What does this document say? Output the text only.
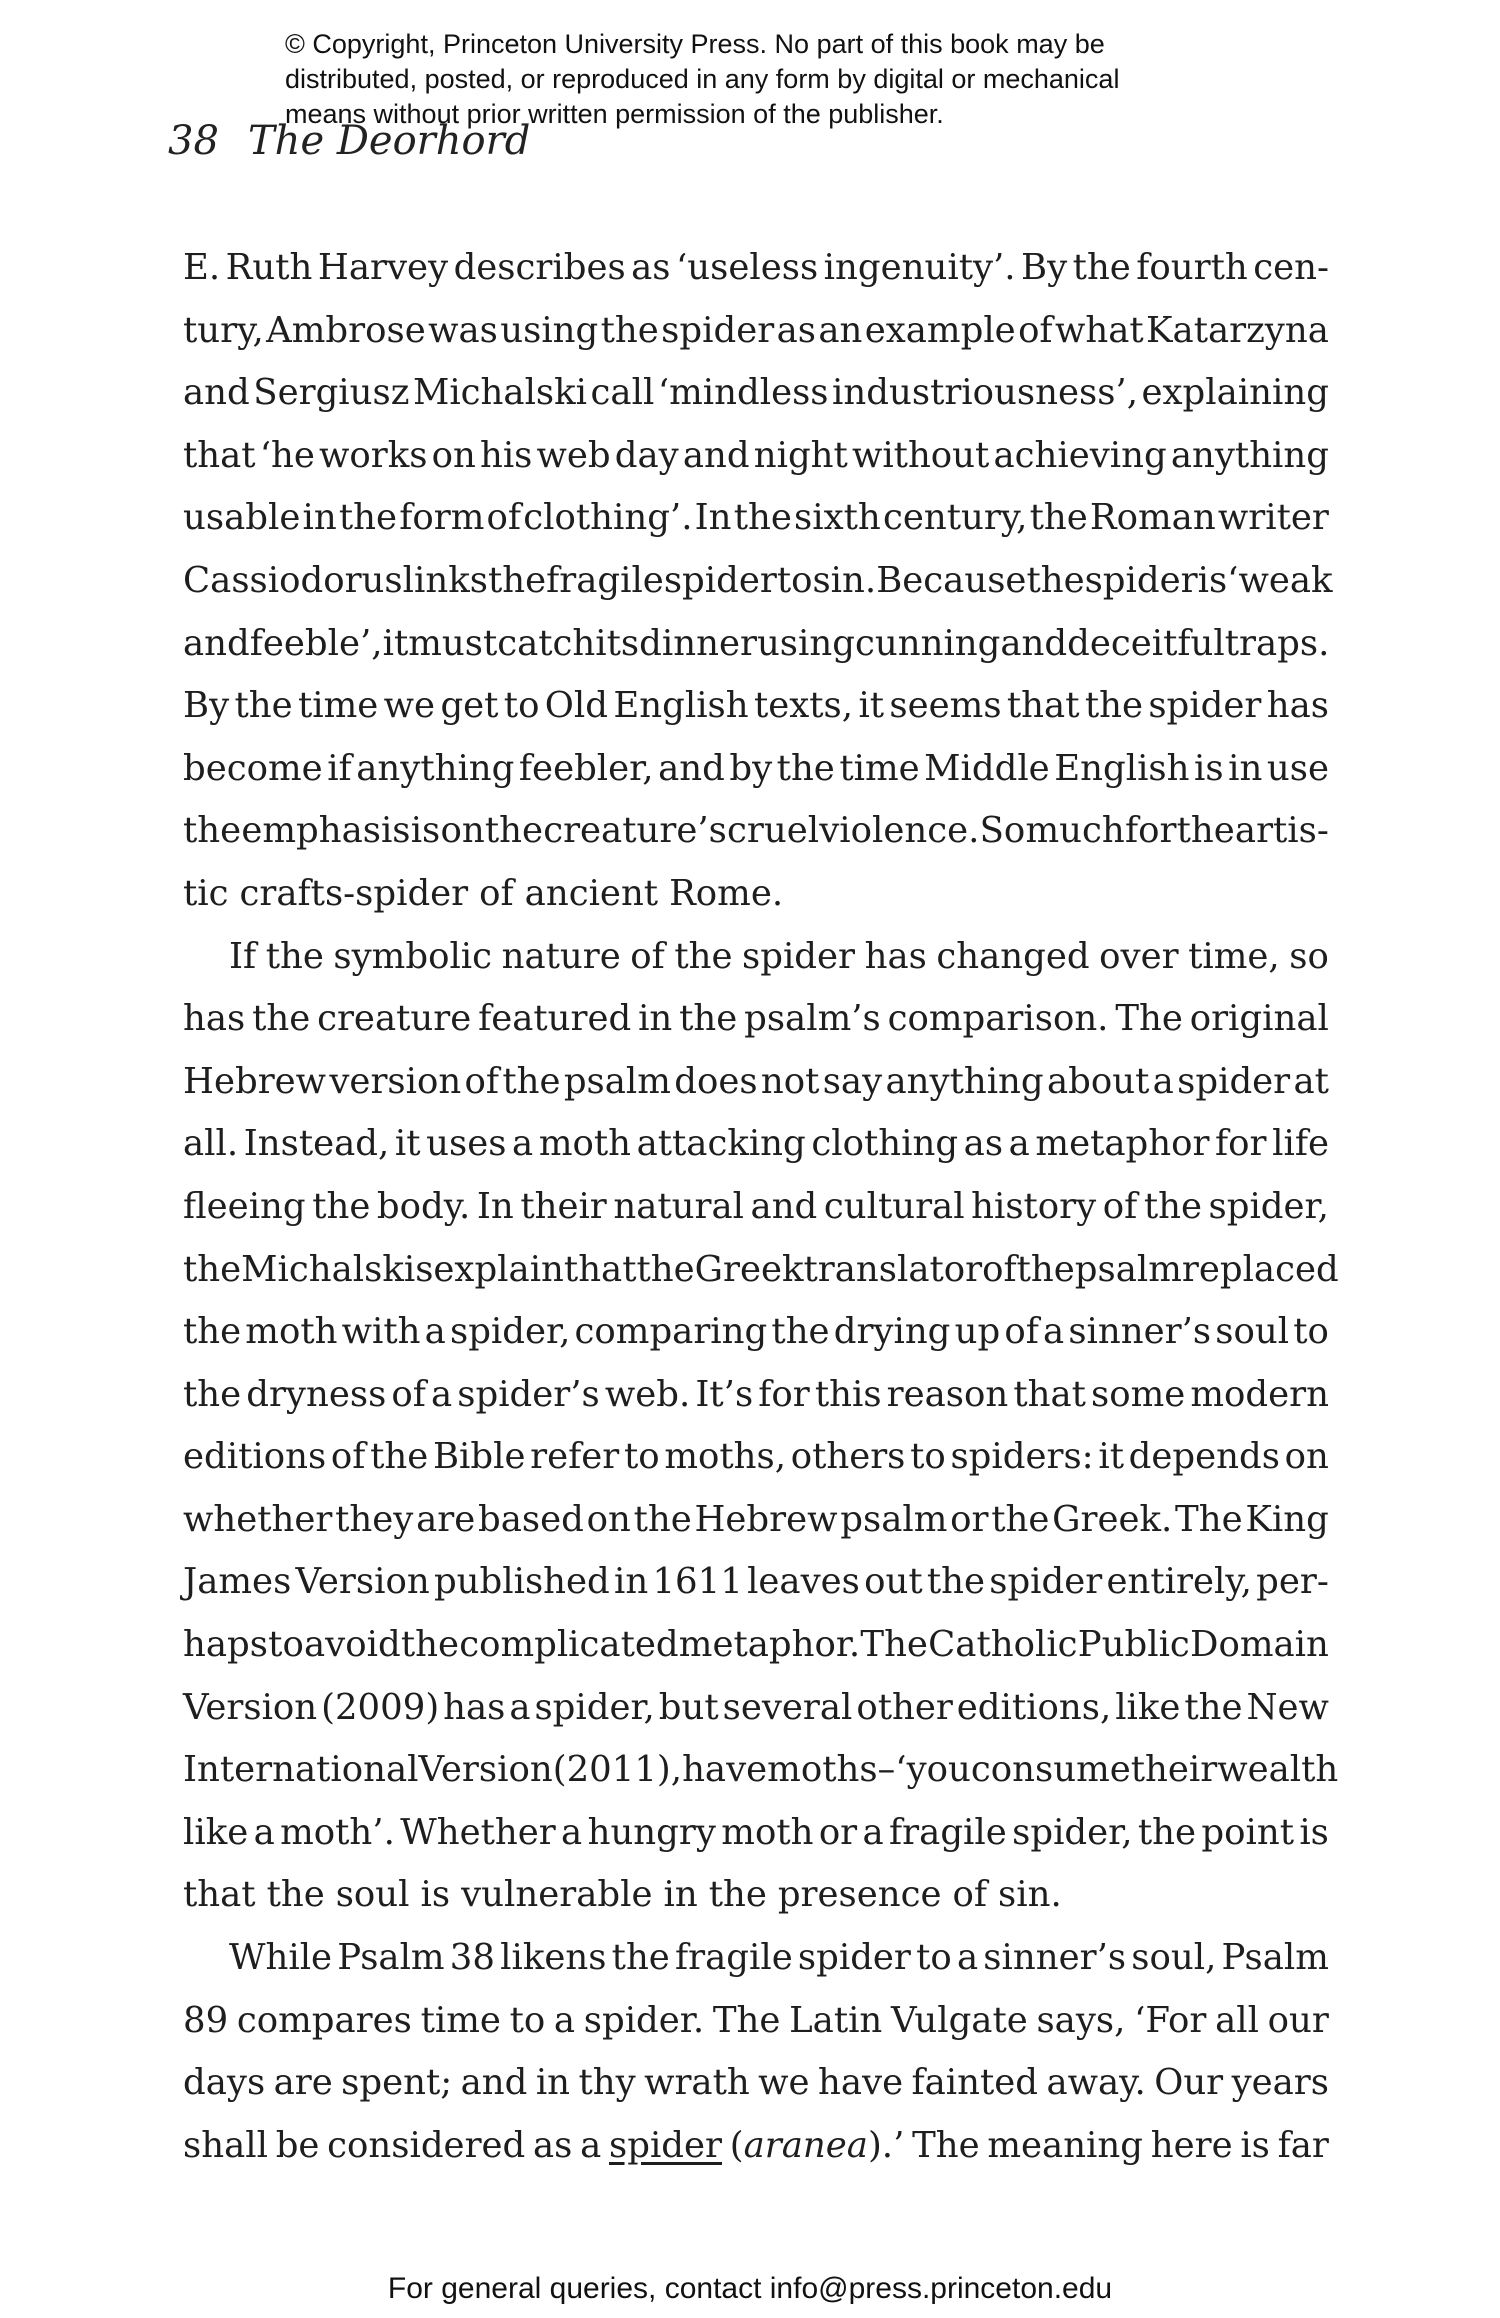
© Copyright, Princeton University Press. No part of this book may be
distributed, posted, or reproduced in any form by digital or mechanical
means without prior written permission of the publisher.
38 The Deorhord
E. Ruth Harvey describes as ‘useless ingenuity’. By the fourth cen-
tury, Ambrose was using the spider as an example of what Katarzyna
and Sergiusz Michalski call ‘mindless industriousness’, explaining
that ‘he works on his web day and night without achieving anything
usable in the form of clothing’. In the sixth century, the Roman writer
Cassiodorus links the fragile spider to sin. Because the spider is ‘weak
and feeble’, it must catch its dinner using cunning and deceitful traps.
By the time we get to Old English texts, it seems that the spider has
become if anything feebler, and by the time Middle English is in use
the emphasis is on the creature’s cruel violence. So much for the artis-
tic crafts-spider of ancient Rome.
If the symbolic nature of the spider has changed over time, so
has the creature featured in the psalm’s comparison. The original
Hebrew version of the psalm does not say anything about a spider at
all. Instead, it uses a moth attacking clothing as a metaphor for life
fleeing the body. In their natural and cultural history of the spider,
the Michalskis explain that the Greek translator of the psalm replaced
the moth with a spider, comparing the drying up of a sinner’s soul to
the dryness of a spider’s web. It’s for this reason that some modern
editions of the Bible refer to moths, others to spiders: it depends on
whether they are based on the Hebrew psalm or the Greek. The King
James Version published in 1611 leaves out the spider entirely, per-
haps to avoid the complicated metaphor. The Catholic Public Domain
Version (2009) has a spider, but several other editions, like the New
International Version (2011), have moths – ‘you consume their wealth
like a moth’. Whether a hungry moth or a fragile spider, the point is
that the soul is vulnerable in the presence of sin.
While Psalm 38 likens the fragile spider to a sinner’s soul, Psalm
89 compares time to a spider. The Latin Vulgate says, ‘For all our
days are spent; and in thy wrath we have fainted away. Our years
shall be considered as a spider (aranea).’ The meaning here is far
For general queries, contact info@press.princeton.edu
